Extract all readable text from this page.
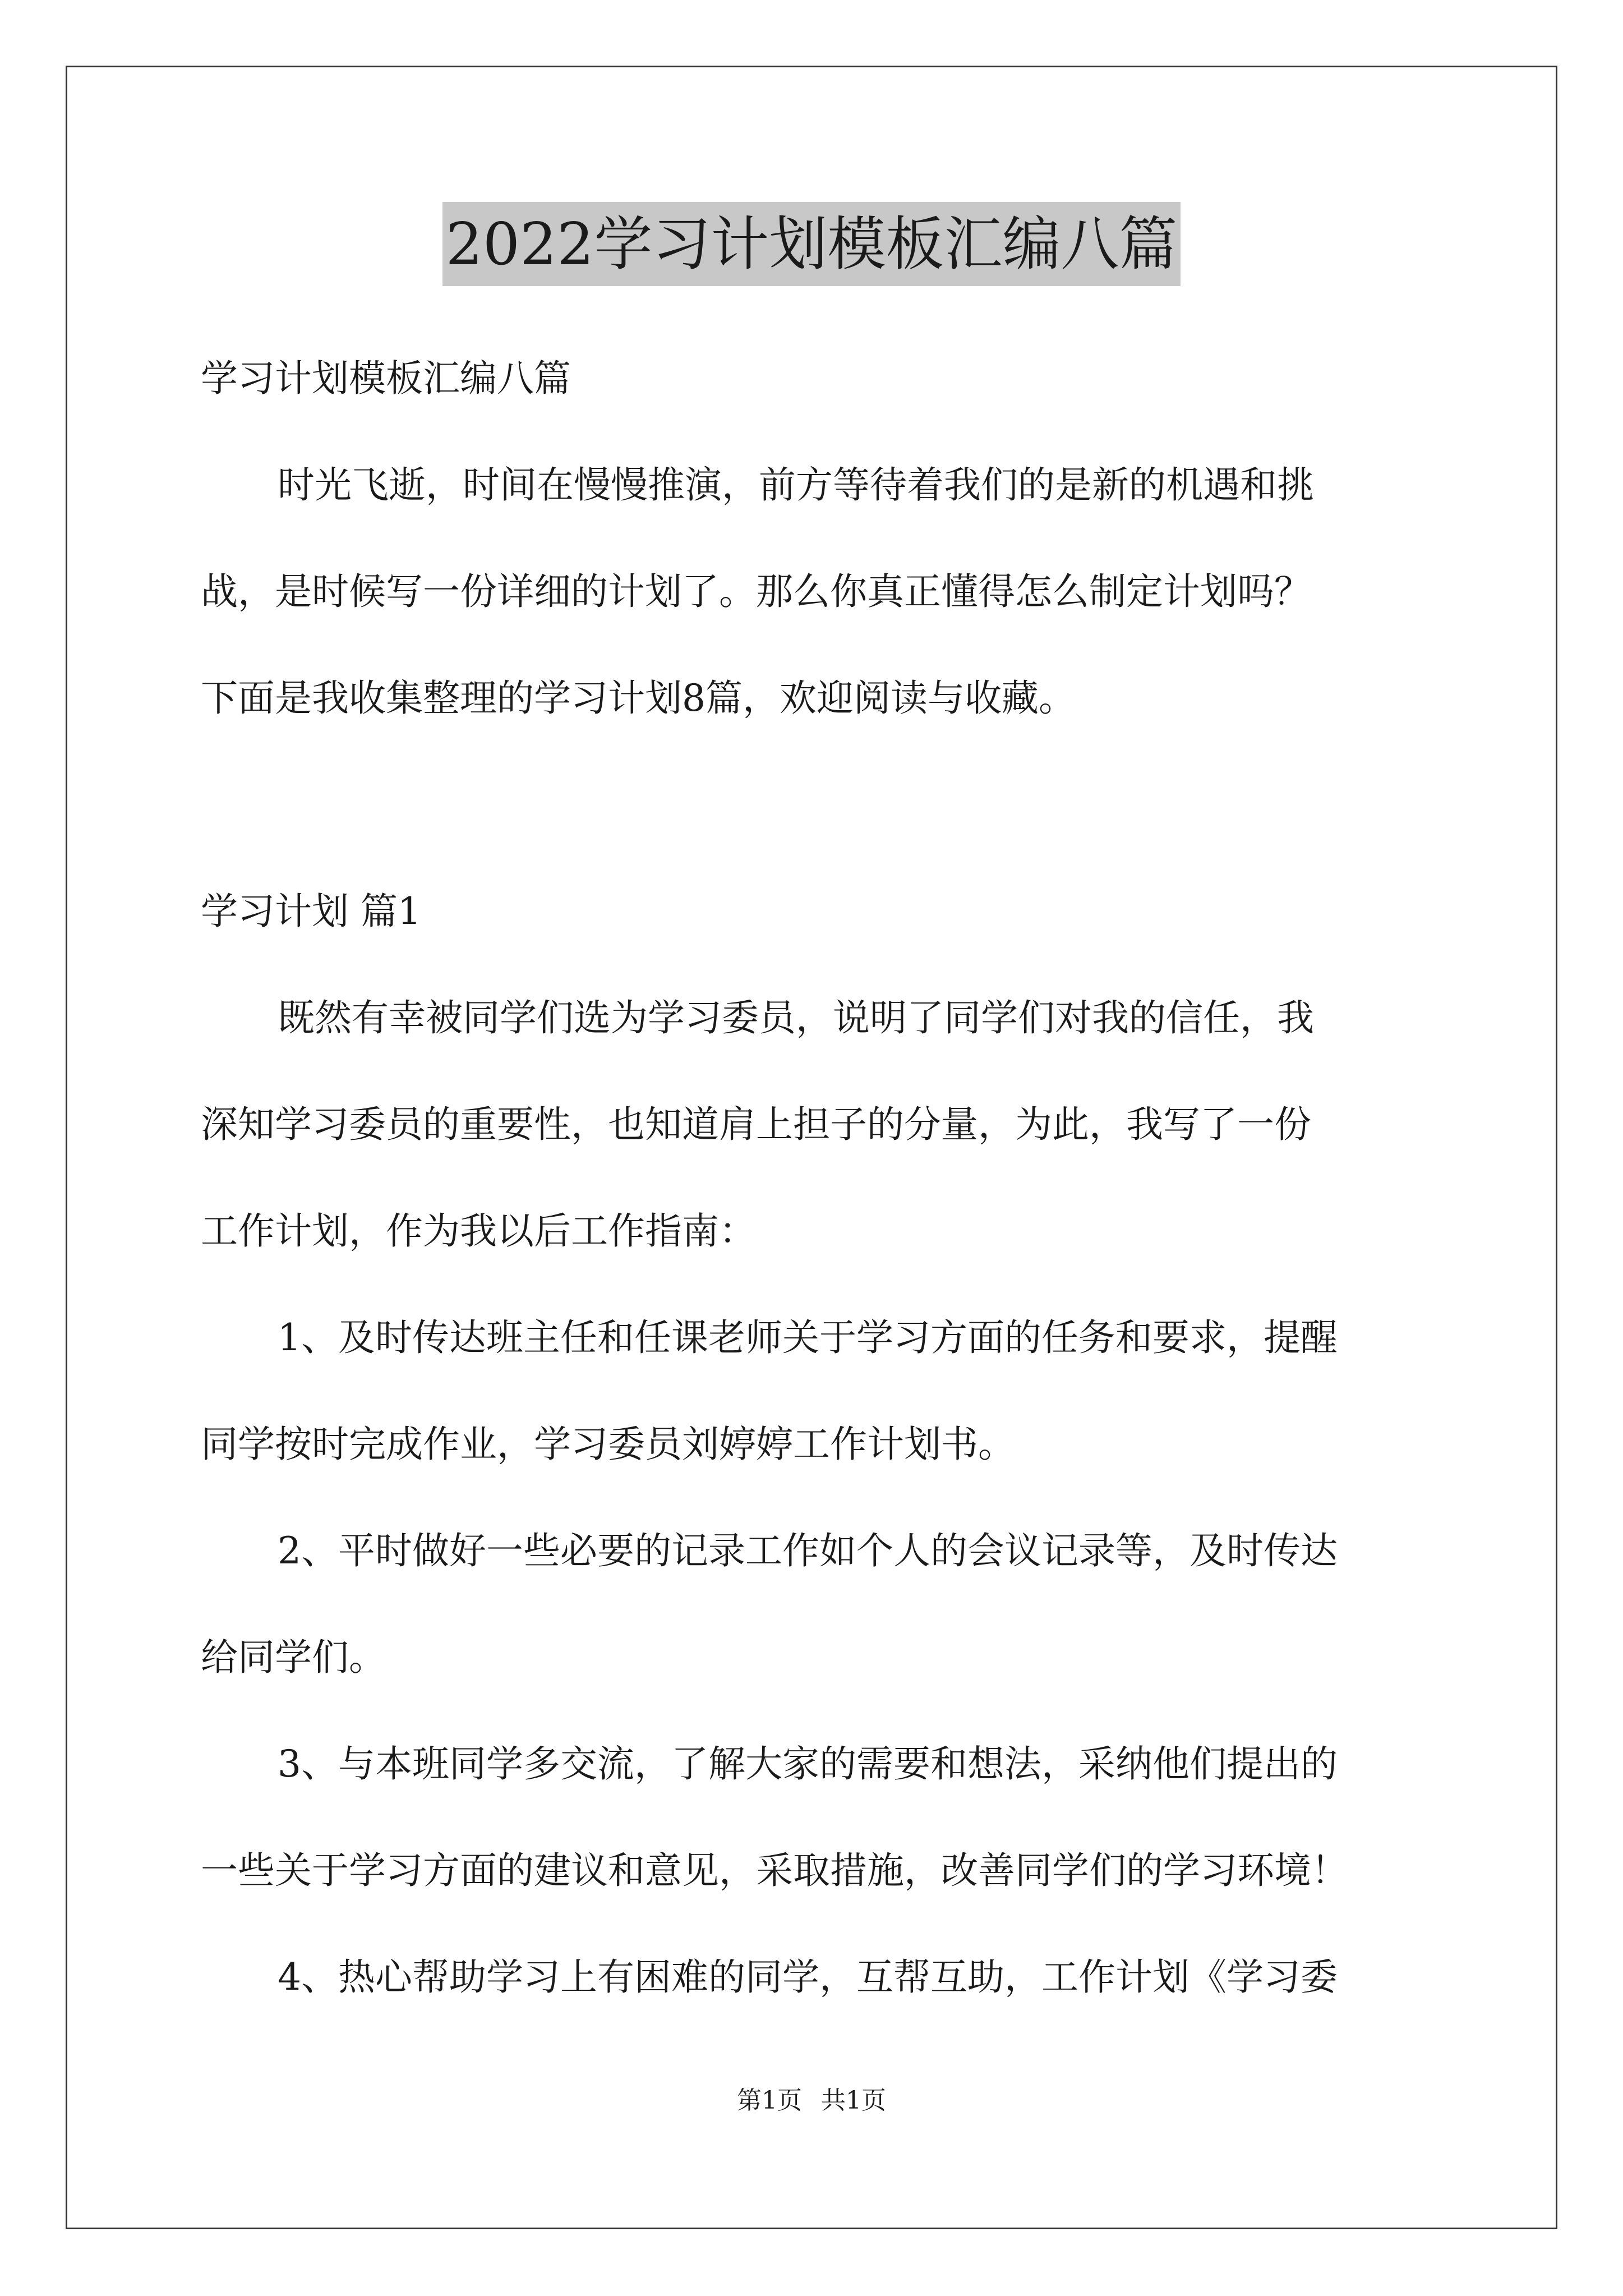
2022学习计划模板汇编八篇
学习计划模板汇编八篇
时光飞逝，时间在慢慢推演，前方等待着我们的是新的机遇和挑
战，是时候写一份详细的计划了。那么你真正懂得怎么制定计划吗？
下面是我收集整理的学习计划8篇，欢迎阅读与收藏。
学习计划 篇1
既然有幸被同学们选为学习委员，说明了同学们对我的信任，我
深知学习委员的重要性，也知道肩上担子的分量，为此，我写了一份
工作计划，作为我以后工作指南：
1、及时传达班主任和任课老师关于学习方面的任务和要求，提醒
同学按时完成作业，学习委员刘婷婷工作计划书。
2、平时做好一些必要的记录工作如个人的会议记录等，及时传达
给同学们。
3、与本班同学多交流，了解大家的需要和想法，采纳他们提出的
一些关于学习方面的建议和意见，采取措施，改善同学们的学习环境！
4、热心帮助学习上有困难的同学，互帮互助，工作计划《学习委
第1页 共1页
